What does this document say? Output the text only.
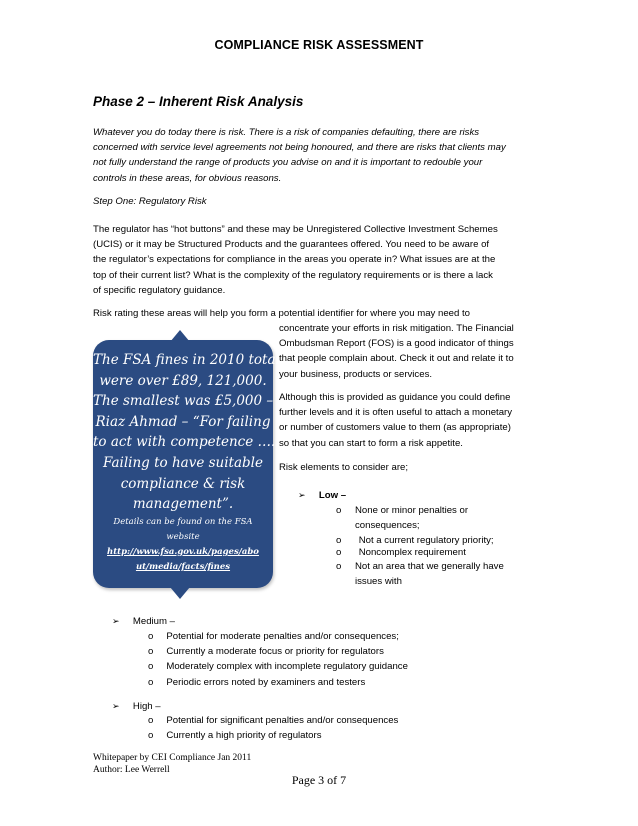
COMPLIANCE RISK ASSESSMENT
Phase 2 – Inherent Risk Analysis
Whatever you do today there is risk. There is a risk of companies defaulting, there are risks
concerned with service level agreements not being honoured, and there are risks that clients may
not fully understand the range of products you advise on and it is important to redouble your
controls in these areas, for obvious reasons.
Step One: Regulatory Risk
The regulator has “hot buttons” and these may be Unregistered Collective Investment Schemes
(UCIS) or it may be Structured Products and the guarantees offered. You need to be aware of
the regulator’s expectations for compliance in the areas you operate in? What issues are at the
top of their current list? What is the complexity of the regulatory requirements or is there a lack
of specific regulatory guidance.
Risk rating these areas will help you form a potential identifier for where you may need to
concentrate your efforts in risk mitigation. The Financial
Ombudsman Report (FOS) is a good indicator of things
that people complain about. Check it out and relate it to
your business, products or services.
Although this is provided as guidance you could define
further levels and it is often useful to attach a monetary
or number of customers value to them (as appropriate)
so that you can start to form a risk appetite.
Risk elements to consider are;
The FSA fines in 2010 total
were over £89, 121,000.
The smallest was £5,000 –
Riaz Ahmad – “For failing
to act with competence ….
Failing to have suitable
compliance & risk
management”.
Details can be found on the FSA
website
http://www.fsa.gov.uk/pages/abo
ut/media/facts/fines
➢ Low –
o None or minor penalties or
consequences;
o Not a current regulatory priority;
o Noncomplex requirement
o Not an area that we generally have
issues with
➢ Medium –
o Potential for moderate penalties and/or consequences;
o Currently a moderate focus or priority for regulators
o Moderately complex with incomplete regulatory guidance
o Periodic errors noted by examiners and testers
➢ High –
o Potential for significant penalties and/or consequences
o Currently a high priority of regulators
Whitepaper by CEI Compliance Jan 2011
Author: Lee Werrell
Page 3 of 7
